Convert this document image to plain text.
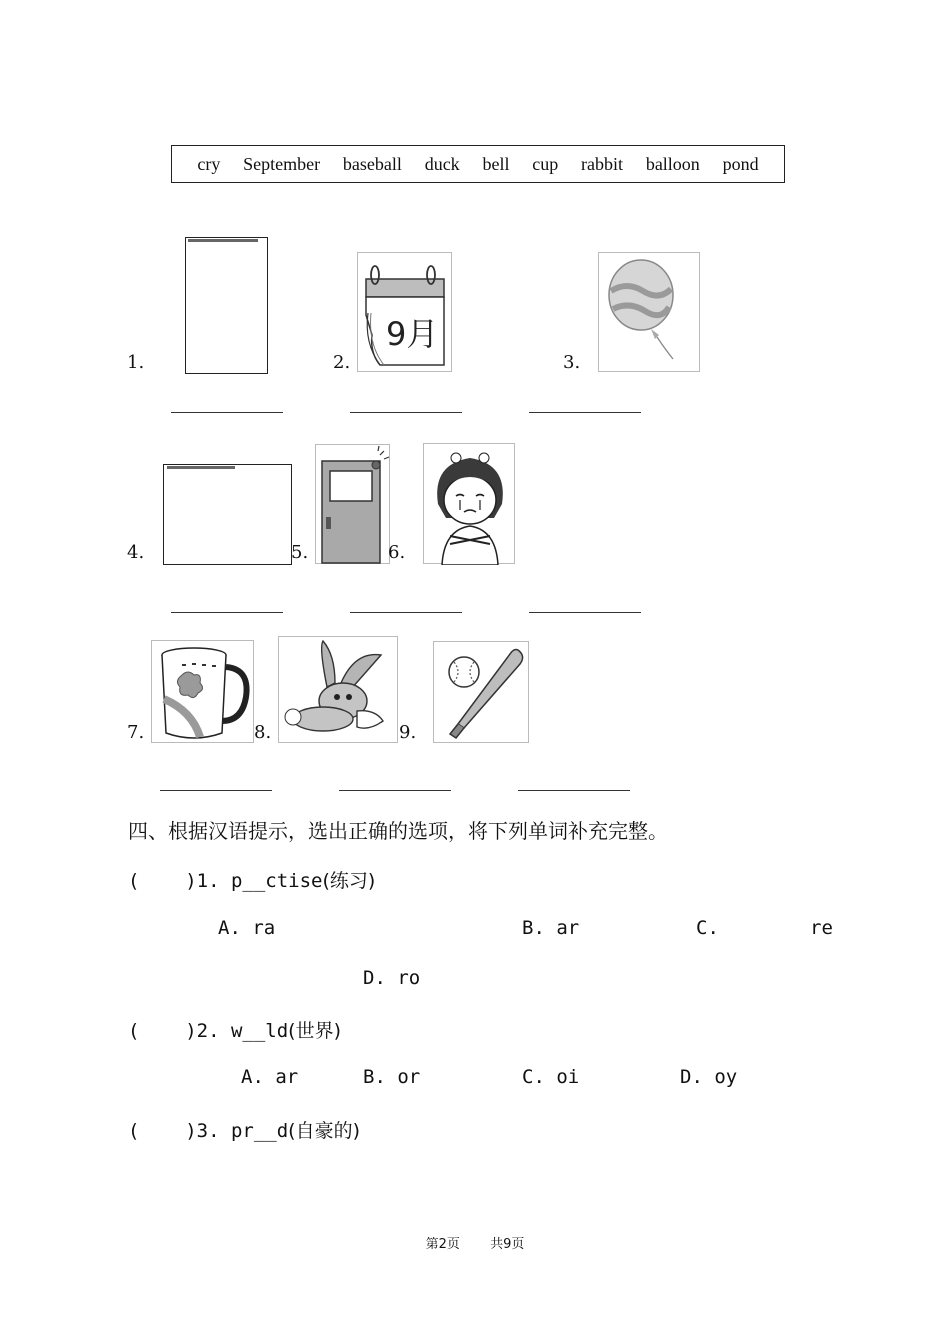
cry September baseball duck bell cup rabbit balloon pond
1.	2.
9月
3.
4.	5.	6.
7.	8.	9.
四、根据汉语提示，选出正确的选项，将下列单词补充完整。
(    )1. p__ctise(练习)
A. ra	B. ar	C.	re
D. ro
(    )2. w__ld(世界)
A. ar	B. or	C. oi	D. oy
(    )3. pr__d(自豪的)
第2页 共9页
